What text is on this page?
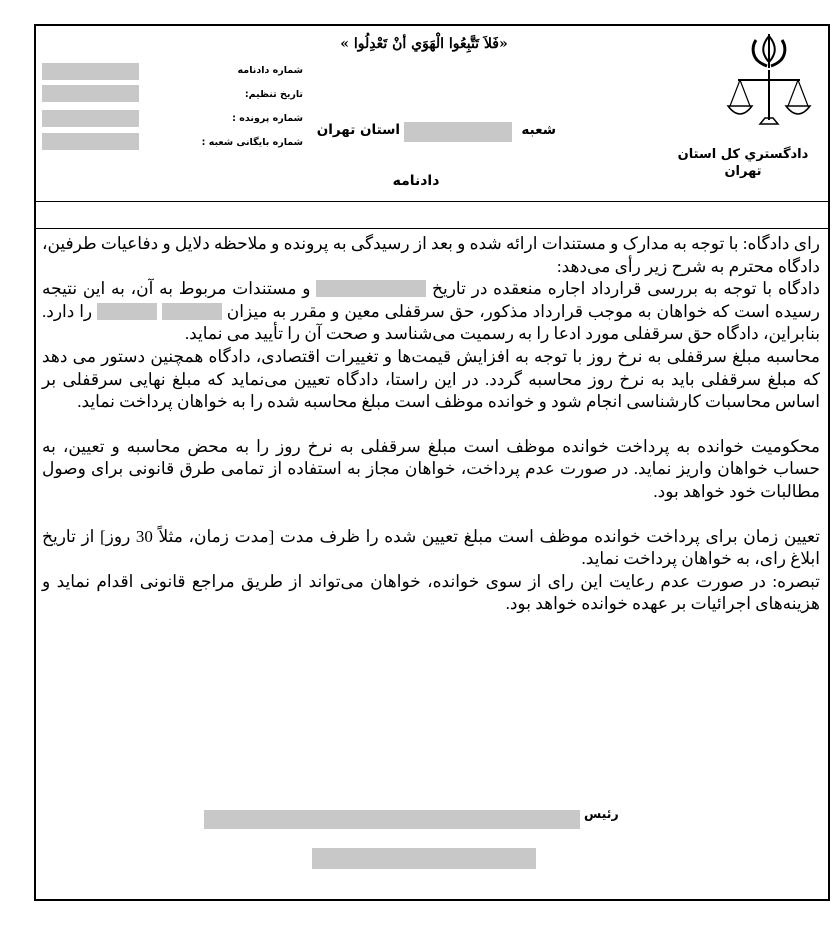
شماره دادنامه
تاریخ تنظیم:
شماره پرونده :
شماره بایگانی شعبه :
«فَلاَ تَتَّبِعُوا الْهَوَي أنْ تَعْدِلُوا »
شعبه
استان تهران
دادگستري كل استان تهران
دادنامه

رای دادگاه: با توجه به مدارک و مستندات ارائه شده و بعد از رسیدگی به پرونده و ملاحظه دلایل و دفاعیات طرفین، دادگاه محترم به شرح زیر رأی می‌دهد:

دادگاه با توجه به بررسی قرارداد اجاره منعقده در تاریخ  و مستندات مربوط به آن، به این نتیجه رسیده است که خواهان به موجب قرارداد مذکور، حق سرقفلی معین و مقرر به میزان   را دارد. بنابراین، دادگاه حق سرقفلی مورد ادعا را به رسمیت می‌شناسد و صحت آن را تأیید می نماید.

محاسبه مبلغ سرقفلی به نرخ روز با توجه به افزایش قیمت‌ها و تغییرات اقتصادی، دادگاه همچنین دستور می دهد که مبلغ سرقفلی باید به نرخ روز محاسبه گردد. در این راستا، دادگاه تعیین می‌نماید که مبلغ نهایی سرقفلی بر اساس محاسبات کارشناسی انجام شود و خوانده موظف است مبلغ محاسبه شده را به خواهان پرداخت نماید.

محکومیت خوانده به پرداخت خوانده موظف است مبلغ سرقفلی به نرخ روز را به محض محاسبه و تعیین، به حساب خواهان واریز نماید. در صورت عدم پرداخت، خواهان مجاز به استفاده از تمامی طرق قانونی برای وصول مطالبات خود خواهد بود.

تعیین زمان برای پرداخت خوانده موظف است مبلغ تعیین شده را ظرف مدت [مدت زمان، مثلاً 30 روز] از تاریخ ابلاغ رای، به خواهان پرداخت نماید.

تبصره: در صورت عدم رعایت این رای از سوی خوانده، خواهان می‌تواند از طریق مراجع قانونی اقدام نماید و هزینه‌های اجرائیات بر عهده خوانده خواهد بود.

رئیس
